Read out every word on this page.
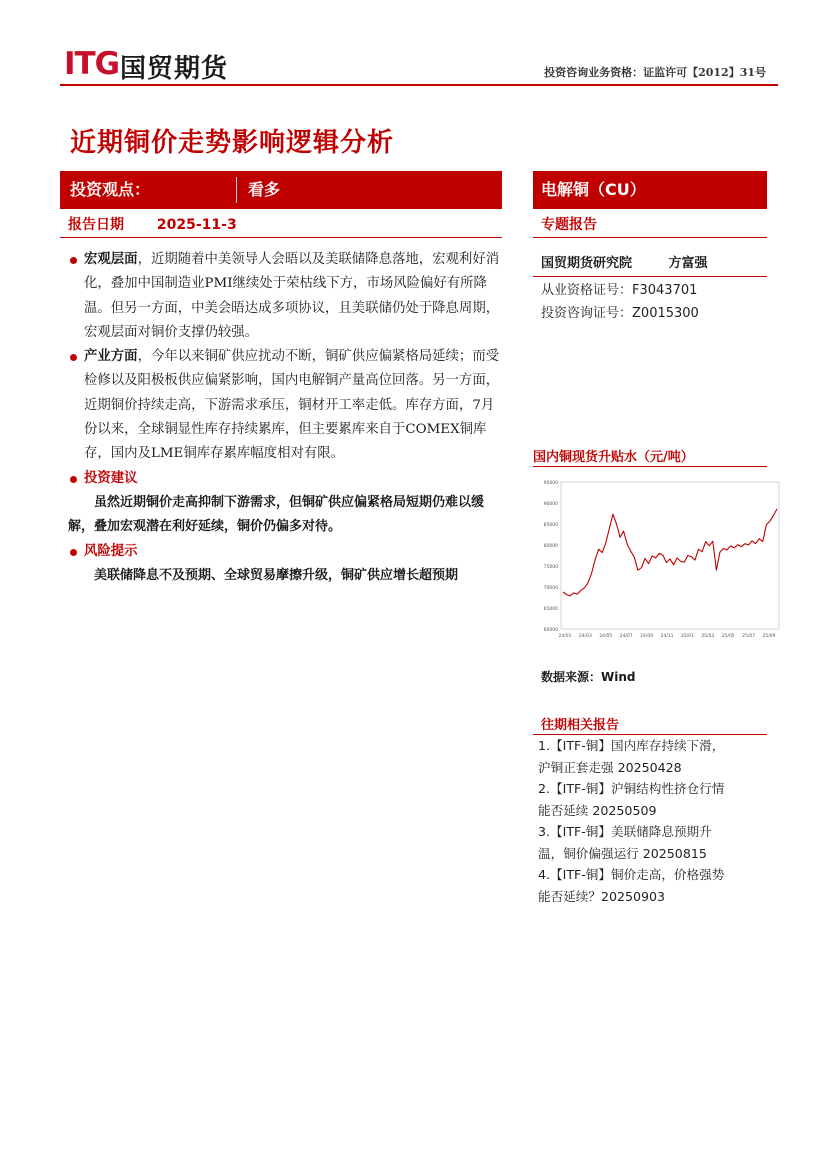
ITG 国贸期货	投资咨询业务资格：证监许可【2012】31号
近期铜价走势影响逻辑分析
投资观点：	看多	电解铜（CU）
报告日期 2025-11-3	专题报告
宏观层面，近期随着中美领导人会晤以及美联储降息落地，宏观利好消化，叠加中国制造业PMI继续处于荣枯线下方，市场风险偏好有所降温。但另一方面，中美会晤达成多项协议，且美联储仍处于降息周期，宏观层面对铜价支撑仍较强。
产业方面，今年以来铜矿供应扰动不断，铜矿供应偏紧格局延续；而受检修以及阳极板供应偏紧影响，国内电解铜产量高位回落。另一方面，近期铜价持续走高，下游需求承压，铜材开工率走低。库存方面，7月份以来，全球铜显性库存持续累库，但主要累库来自于COMEX铜库存，国内及LME铜库存累库幅度相对有限。
投资建议
虽然近期铜价走高抑制下游需求，但铜矿供应偏紧格局短期仍难以缓解，叠加宏观潜在利好延续，铜价仍偏多对待。
风险提示
美联储降息不及预期、全球贸易摩擦升级，铜矿供应增长超预期
国贸期货研究院	方富强
从业资格证号：F3043701
投资咨询证号：Z0015300
国内铜现货升贴水（元/吨）
95000
90000
85000
80000
75000
70000
65000
60000
24/01 24/03 24/05 24/07 24/09 24/11 25/01 25/03 25/05 25/07 25/09
数据来源：Wind
往期相关报告
1.【ITF-铜】国内库存持续下滑，
沪铜正套走强 20250428
2.【ITF-铜】沪铜结构性挤仓行情
能否延续 20250509
3.【ITF-铜】美联储降息预期升
温，铜价偏强运行 20250815
4.【ITF-铜】铜价走高，价格强势
能否延续？20250903
